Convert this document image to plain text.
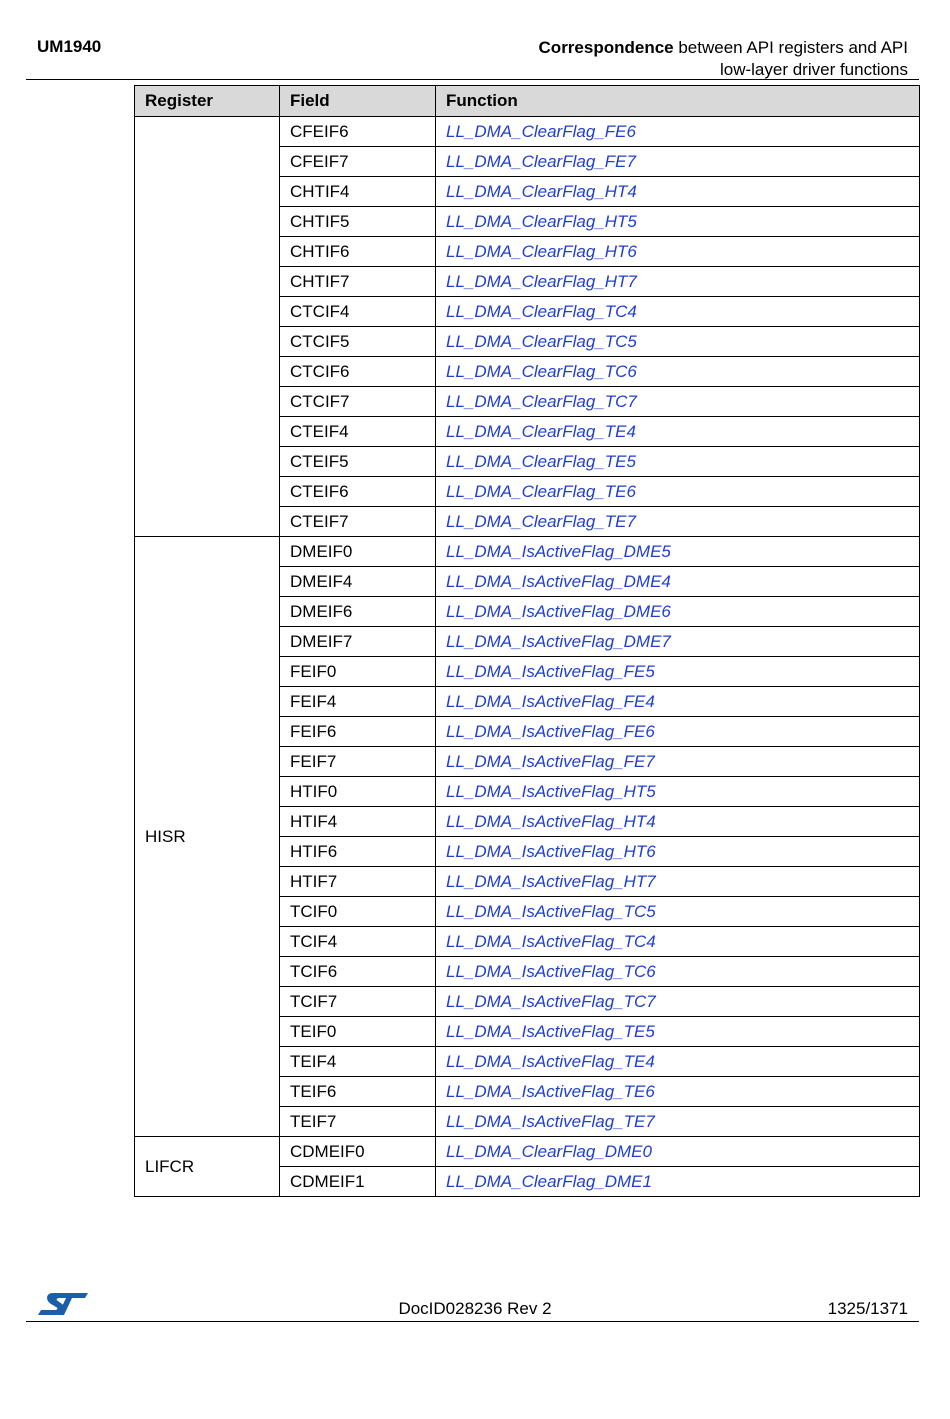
UM1940	Correspondence between API registers and API
low-layer driver functions
Register	Field	Function
	CFEIF6	LL_DMA_ClearFlag_FE6
	CFEIF7	LL_DMA_ClearFlag_FE7
	CHTIF4	LL_DMA_ClearFlag_HT4
	CHTIF5	LL_DMA_ClearFlag_HT5
	CHTIF6	LL_DMA_ClearFlag_HT6
	CHTIF7	LL_DMA_ClearFlag_HT7
	CTCIF4	LL_DMA_ClearFlag_TC4
	CTCIF5	LL_DMA_ClearFlag_TC5
	CTCIF6	LL_DMA_ClearFlag_TC6
	CTCIF7	LL_DMA_ClearFlag_TC7
	CTEIF4	LL_DMA_ClearFlag_TE4
	CTEIF5	LL_DMA_ClearFlag_TE5
	CTEIF6	LL_DMA_ClearFlag_TE6
	CTEIF7	LL_DMA_ClearFlag_TE7
HISR	DMEIF0	LL_DMA_IsActiveFlag_DME5
	DMEIF4	LL_DMA_IsActiveFlag_DME4
	DMEIF6	LL_DMA_IsActiveFlag_DME6
	DMEIF7	LL_DMA_IsActiveFlag_DME7
	FEIF0	LL_DMA_IsActiveFlag_FE5
	FEIF4	LL_DMA_IsActiveFlag_FE4
	FEIF6	LL_DMA_IsActiveFlag_FE6
	FEIF7	LL_DMA_IsActiveFlag_FE7
	HTIF0	LL_DMA_IsActiveFlag_HT5
	HTIF4	LL_DMA_IsActiveFlag_HT4
	HTIF6	LL_DMA_IsActiveFlag_HT6
	HTIF7	LL_DMA_IsActiveFlag_HT7
	TCIF0	LL_DMA_IsActiveFlag_TC5
	TCIF4	LL_DMA_IsActiveFlag_TC4
	TCIF6	LL_DMA_IsActiveFlag_TC6
	TCIF7	LL_DMA_IsActiveFlag_TC7
	TEIF0	LL_DMA_IsActiveFlag_TE5
	TEIF4	LL_DMA_IsActiveFlag_TE4
	TEIF6	LL_DMA_IsActiveFlag_TE6
	TEIF7	LL_DMA_IsActiveFlag_TE7
LIFCR	CDMEIF0	LL_DMA_ClearFlag_DME0
	CDMEIF1	LL_DMA_ClearFlag_DME1
DocID028236 Rev 2	1325/1371
